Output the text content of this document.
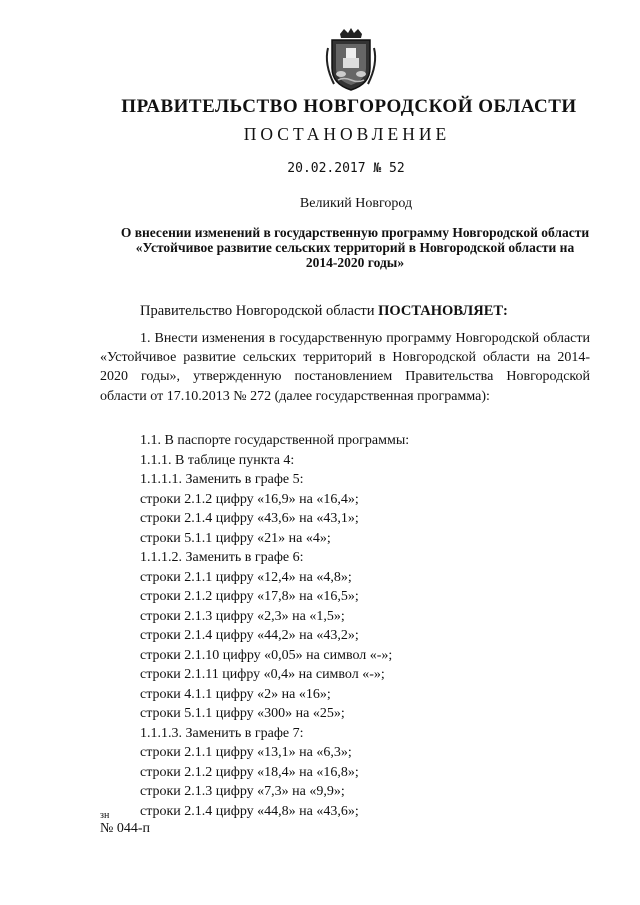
ПРАВИТЕЛЬСТВО НОВГОРОДСКОЙ ОБЛАСТИ
ПОСТАНОВЛЕНИЕ
20.02.2017 № 52
Великий Новгород
О внесении изменений в государственную программу Новгородской области «Устойчивое развитие сельских территорий в Новгородской области на 2014-2020 годы»
Правительство Новгородской области ПОСТАНОВЛЯЕТ:

1. Внести изменения в государственную программу Новгородской области «Устойчивое развитие сельских территорий в Новгородской области на 2014-2020 годы», утвержденную постановлением Правительства Новгородской области от 17.10.2013 № 272 (далее государственная программа):

1.1. В паспорте государственной программы:
1.1.1. В таблице пункта 4:
1.1.1.1. Заменить в графе 5:
строки 2.1.2 цифру «16,9» на «16,4»;
строки 2.1.4 цифру «43,6» на «43,1»;
строки 5.1.1 цифру «21» на «4»;
1.1.1.2. Заменить в графе 6:
строки 2.1.1 цифру «12,4» на «4,8»;
строки 2.1.2 цифру «17,8» на «16,5»;
строки 2.1.3 цифру «2,3» на «1,5»;
строки 2.1.4 цифру «44,2» на «43,2»;
строки 2.1.10 цифру «0,05» на символ «-»;
строки 2.1.11 цифру «0,4» на символ «-»;
строки 4.1.1 цифру «2» на «16»;
строки 5.1.1 цифру «300» на «25»;
1.1.1.3. Заменить в графе 7:
строки 2.1.1 цифру «13,1» на «6,3»;
строки 2.1.2 цифру «18,4» на «16,8»;
строки 2.1.3 цифру «7,3» на «9,9»;
строки 2.1.4 цифру «44,8» на «43,6»;
зн
№ 044-п
